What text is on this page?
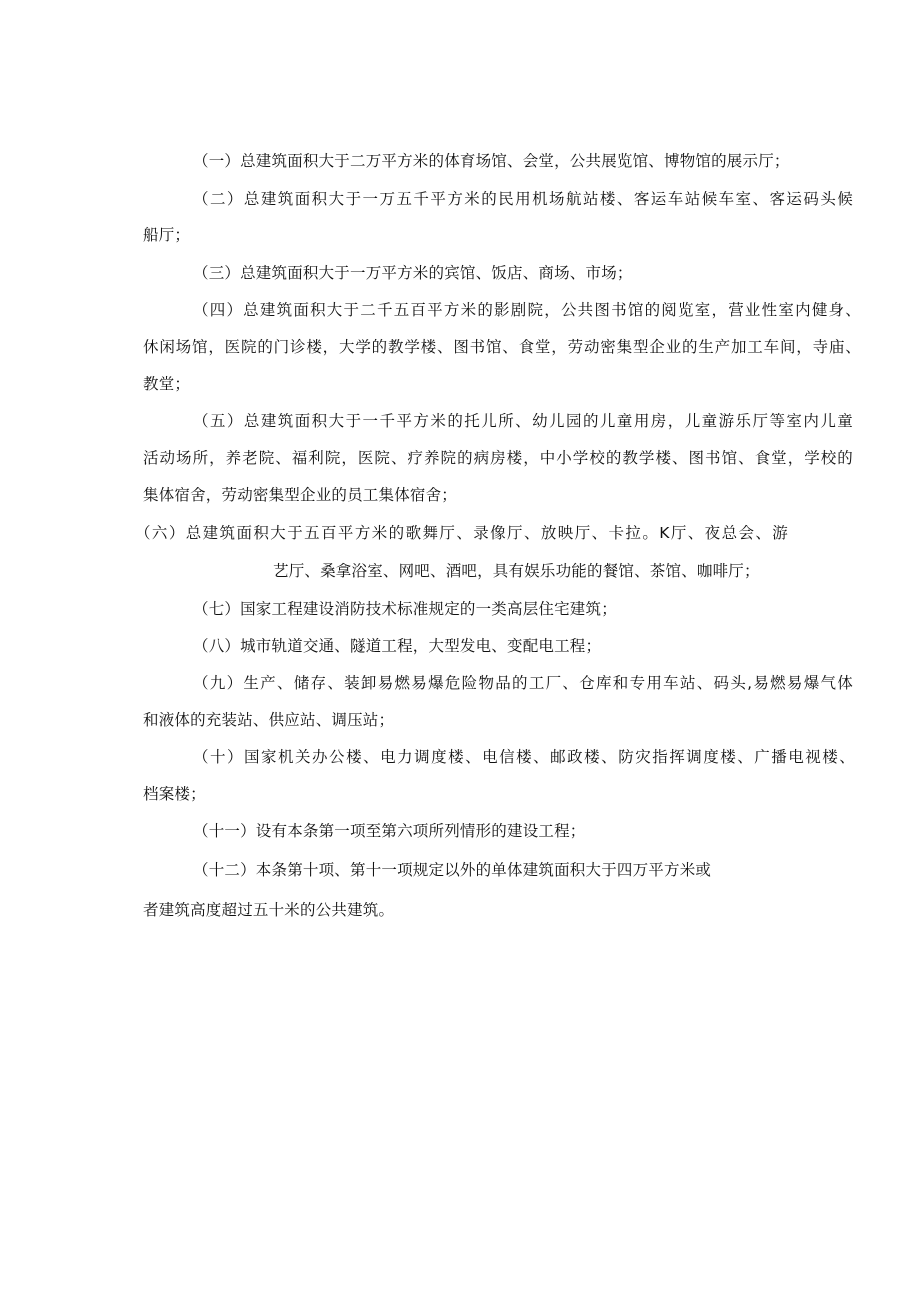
（一）总建筑面积大于二万平方米的体育场馆、会堂，公共展览馆、博物馆的展示厅；
（二）总建筑面积大于一万五千平方米的民用机场航站楼、客运车站候车室、客运码头候
船厅；
（三）总建筑面积大于一万平方米的宾馆、饭店、商场、市场；
（四）总建筑面积大于二千五百平方米的影剧院，公共图书馆的阅览室，营业性室内健身、
休闲场馆，医院的门诊楼，大学的教学楼、图书馆、食堂，劳动密集型企业的生产加工车间，寺庙、
教堂；
（五）总建筑面积大于一千平方米的托儿所、幼儿园的儿童用房，儿童游乐厅等室内儿童
活动场所，养老院、福利院，医院、疗养院的病房楼，中小学校的教学楼、图书馆、食堂，学校的
集体宿舍，劳动密集型企业的员工集体宿舍；
（六）总建筑面积大于五百平方米的歌舞厅、录像厅、放映厅、卡拉。K厅、夜总会、游
艺厅、桑拿浴室、网吧、酒吧，具有娱乐功能的餐馆、茶馆、咖啡厅；
（七）国家工程建设消防技术标准规定的一类高层住宅建筑；
（八）城市轨道交通、隧道工程，大型发电、变配电工程；
（九）生产、储存、装卸易燃易爆危险物品的工厂、仓库和专用车站、码头,易燃易爆气体
和液体的充装站、供应站、调压站；
（十）国家机关办公楼、电力调度楼、电信楼、邮政楼、防灾指挥调度楼、广播电视楼、
档案楼；
（十一）设有本条第一项至第六项所列情形的建设工程；
（十二）本条第十项、第十一项规定以外的单体建筑面积大于四万平方米或
者建筑高度超过五十米的公共建筑。
